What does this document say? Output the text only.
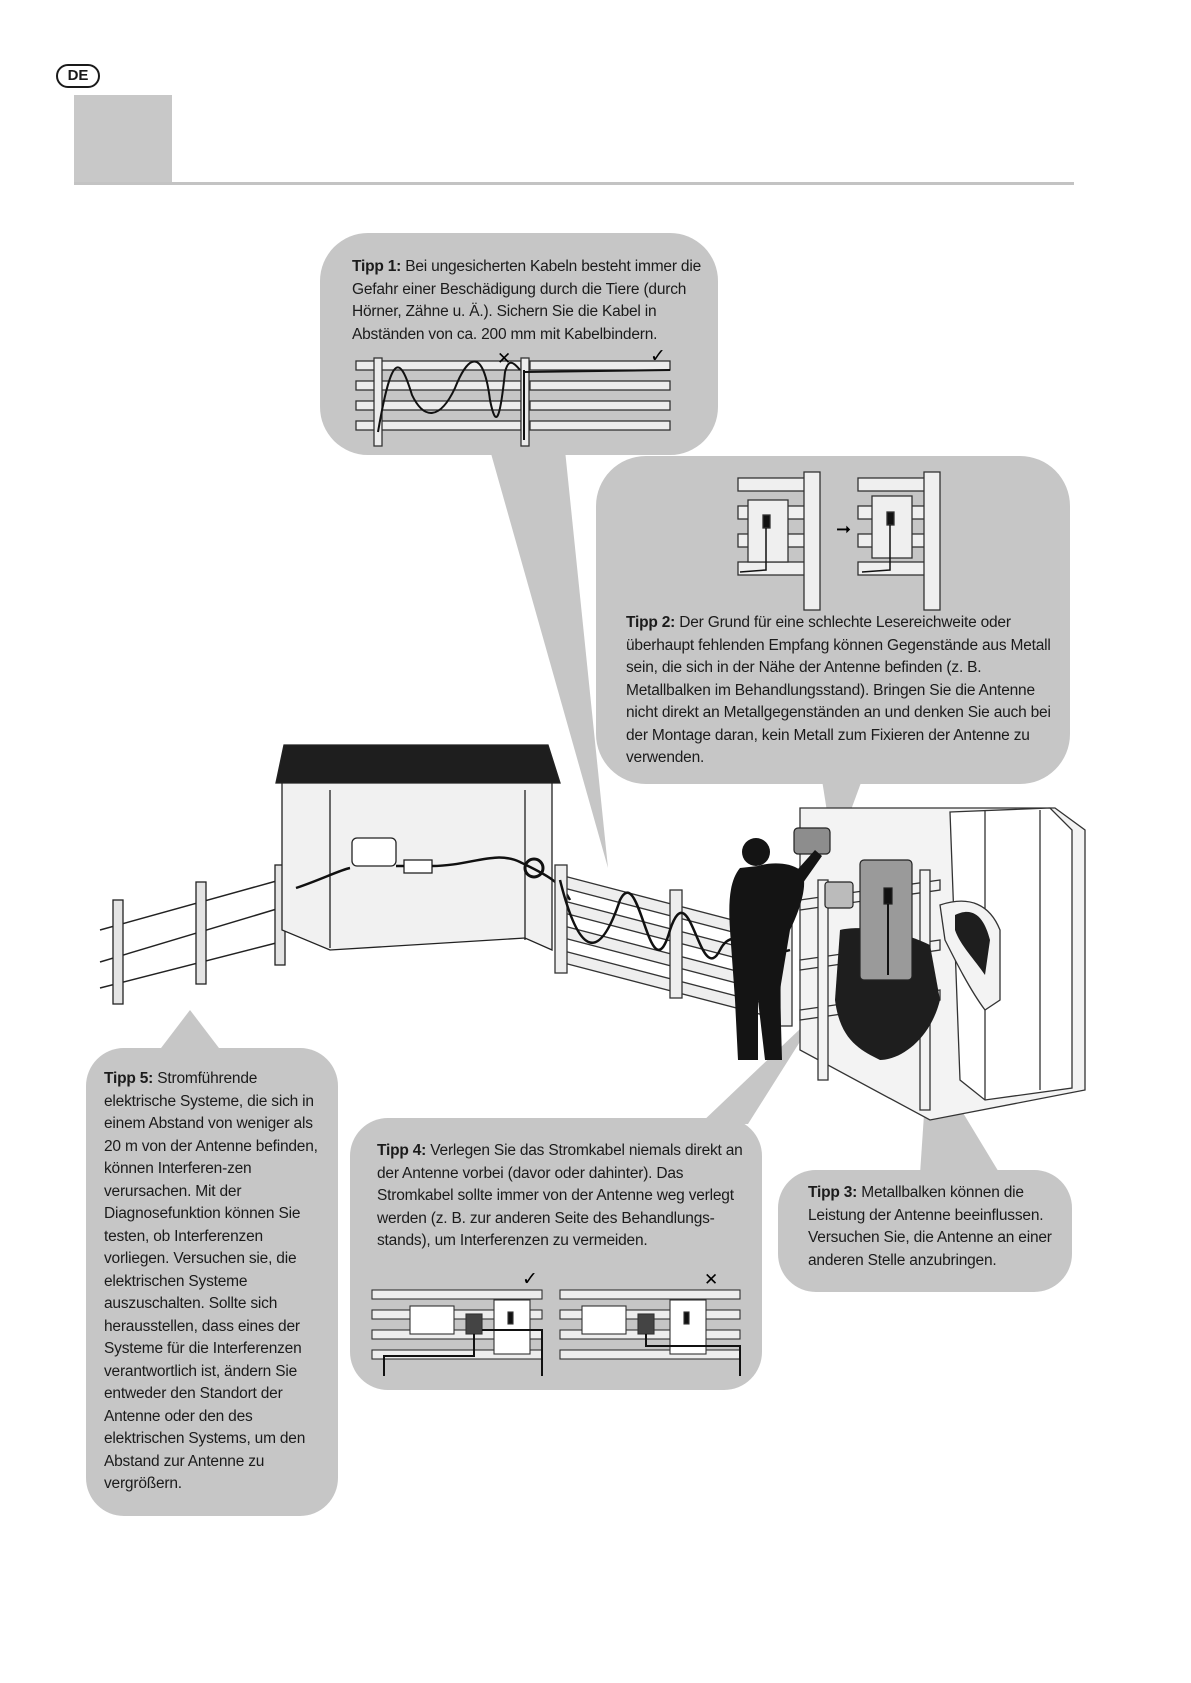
DE
✕	✓
➞
✓	✕
Tipp 1: Bei ungesicherten Kabeln besteht immer die Gefahr einer Beschädigung durch die Tiere (durch Hörner, Zähne u. Ä.). Sichern Sie die Kabel in Abständen von ca. 200 mm mit Kabelbindern.
Tipp 2: Der Grund für eine schlechte Lesereichweite oder überhaupt fehlenden Empfang können Gegenstände aus Metall sein, die sich in der Nähe der Antenne befinden (z. B. Metallbalken im Behandlungsstand). Bringen Sie die Antenne nicht direkt an Metallgegenständen an und denken Sie auch bei der Montage daran, kein Metall zum Fixieren der Antenne zu verwenden.
Tipp 5: Stromführende elektrische Systeme, die sich in einem Abstand von weniger als 20 m von der Antenne befinden, können Interferen-zen verursachen. Mit der Diagnosefunktion können Sie testen, ob Interferenzen vorliegen. Versuchen sie, die elektrischen Systeme auszuschalten. Sollte sich herausstellen, dass eines der Systeme für die Interferenzen verantwortlich ist, ändern Sie entweder den Standort der Antenne oder den des elektrischen Systems, um den Abstand zur Antenne zu vergrößern.
Tipp 4: Verlegen Sie das Stromkabel niemals direkt an der Antenne vorbei (davor oder dahinter). Das Stromkabel sollte immer von der Antenne weg verlegt werden (z. B. zur anderen Seite des Behandlungs-stands), um Interferenzen zu vermeiden.
Tipp 3: Metallbalken können die Leistung der Antenne beeinflussen. Versuchen Sie, die Antenne an einer anderen Stelle anzubringen.
